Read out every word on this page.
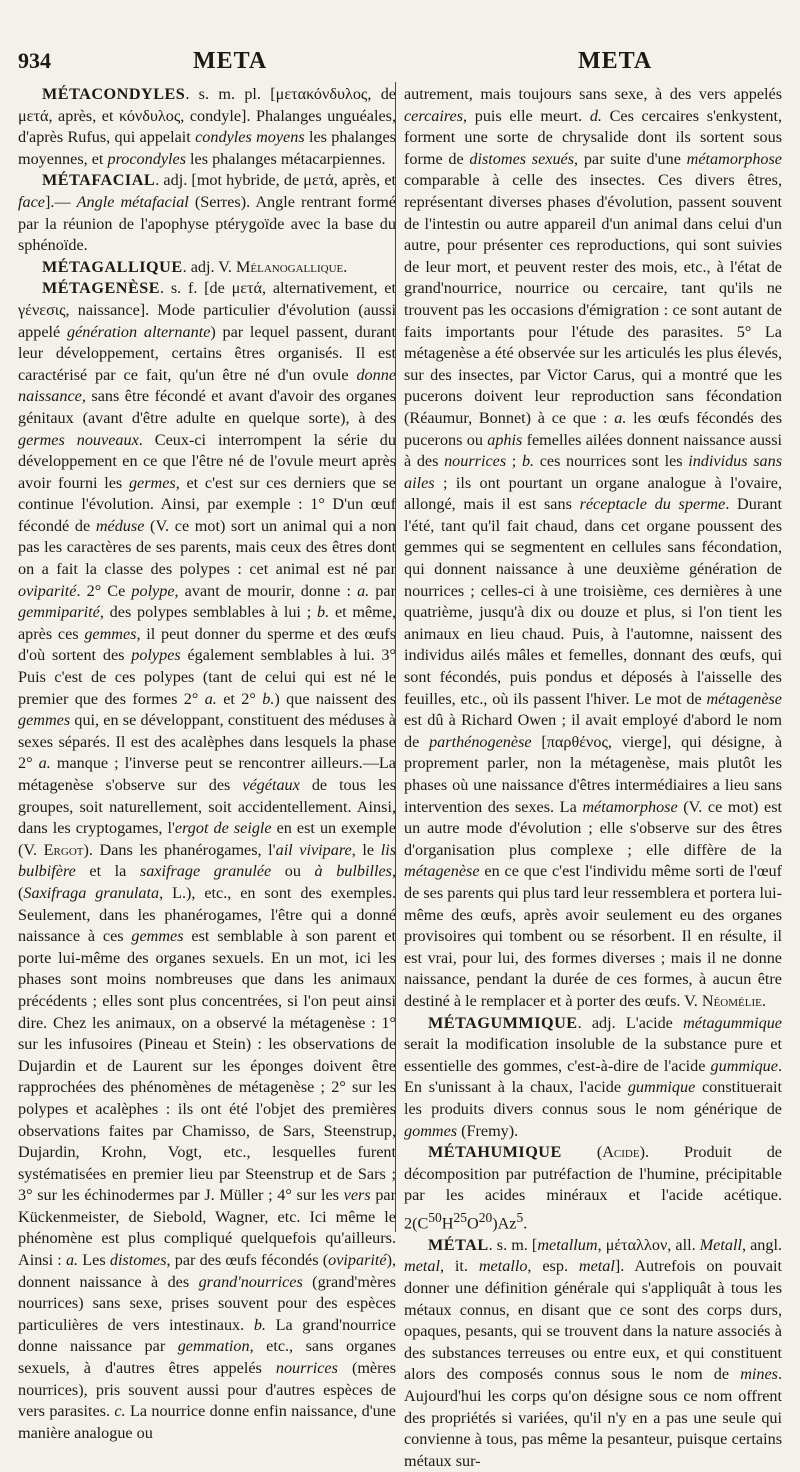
934	META	META

MÉTACONDYLES. s. m. pl. [μετακόνδυλος, de μετά, après, et κόνδυλος, condyle]. Phalanges unguéales, d'après Rufus, qui appelait condyles moyens les phalanges moyennes, et procondyles les phalanges métacarpiennes.

MÉTAFACIAL. adj. [mot hybride, de μετά, après, et face].— Angle métafacial (Serres). Angle rentrant formé par la réunion de l'apophyse ptérygoïde avec la base du sphénoïde.

MÉTAGALLIQUE. adj. V. Mélanogallique.

MÉTAGENÈSE. s. f. [de μετά, alternativement, et γένεσις, naissance]. Mode particulier d'évolution (aussi appelé génération alternante) par lequel passent, durant leur développement, certains êtres organisés. Il est caractérisé par ce fait, qu'un être né d'un ovule donne naissance, sans être fécondé et avant d'avoir des organes génitaux (avant d'être adulte en quelque sorte), à des germes nouveaux. Ceux-ci interrompent la série du développement en ce que l'être né de l'ovule meurt après avoir fourni les germes, et c'est sur ces derniers que se continue l'évolution. Ainsi, par exemple : 1° D'un œuf fécondé de méduse (V. ce mot) sort un animal qui a non pas les caractères de ses parents, mais ceux des êtres dont on a fait la classe des polypes : cet animal est né par oviparité. 2° Ce polype, avant de mourir, donne : a. par gemmiparité, des polypes semblables à lui ; b. et même, après ces gemmes, il peut donner du sperme et des œufs d'où sortent des polypes également semblables à lui. 3° Puis c'est de ces polypes (tant de celui qui est né le premier que des formes 2° a. et 2° b.) que naissent des gemmes qui, en se développant, constituent des méduses à sexes séparés. Il est des acalèphes dans lesquels la phase 2° a. manque ; l'inverse peut se rencontrer ailleurs.—La métagenèse s'observe sur des végétaux de tous les groupes, soit naturellement, soit accidentellement. Ainsi, dans les cryptogames, l'ergot de seigle en est un exemple (V. Ergot). Dans les phanérogames, l'ail vivipare, le lis bulbifère et la saxifrage granulée ou à bulbilles, (Saxifraga granulata, L.), etc., en sont des exemples. Seulement, dans les phanérogames, l'être qui a donné naissance à ces gemmes est semblable à son parent et porte lui-même des organes sexuels. En un mot, ici les phases sont moins nombreuses que dans les animaux précédents ; elles sont plus concentrées, si l'on peut ainsi dire. Chez les animaux, on a observé la métagenèse : 1° sur les infusoires (Pineau et Stein) : les observations de Dujardin et de Laurent sur les éponges doivent être rapprochées des phénomènes de métagenèse ; 2° sur les polypes et acalèphes : ils ont été l'objet des premières observations faites par Chamisso, de Sars, Steenstrup, Dujardin, Krohn, Vogt, etc., lesquelles furent systématisées en premier lieu par Steenstrup et de Sars ; 3° sur les échinodermes par J. Müller ; 4° sur les vers par Kückenmeister, de Siebold, Wagner, etc. Ici même le phénomène est plus compliqué quelquefois qu'ailleurs. Ainsi : a. Les distomes, par des œufs fécondés (oviparité), donnent naissance à des grand'nourrices (grand'mères nourrices) sans sexe, prises souvent pour des espèces particulières de vers intestinaux. b. La grand'nourrice donne naissance par gemmation, etc., sans organes sexuels, à d'autres êtres appelés nourrices (mères nourrices), pris souvent aussi pour d'autres espèces de vers parasites. c. La nourrice donne enfin naissance, d'une manière analogue ou

autrement, mais toujours sans sexe, à des vers appelés cercaires, puis elle meurt. d. Ces cercaires s'enkystent, forment une sorte de chrysalide dont ils sortent sous forme de distomes sexués, par suite d'une métamorphose comparable à celle des insectes. Ces divers êtres, représentant diverses phases d'évolution, passent souvent de l'intestin ou autre appareil d'un animal dans celui d'un autre, pour présenter ces reproductions, qui sont suivies de leur mort, et peuvent rester des mois, etc., à l'état de grand'nourrice, nourrice ou cercaire, tant qu'ils ne trouvent pas les occasions d'émigration : ce sont autant de faits importants pour l'étude des parasites. 5° La métagenèse a été observée sur les articulés les plus élevés, sur des insectes, par Victor Carus, qui a montré que les pucerons doivent leur reproduction sans fécondation (Réaumur, Bonnet) à ce que : a. les œufs fécondés des pucerons ou aphis femelles ailées donnent naissance aussi à des nourrices ; b. ces nourrices sont les individus sans ailes ; ils ont pourtant un organe analogue à l'ovaire, allongé, mais il est sans réceptacle du sperme. Durant l'été, tant qu'il fait chaud, dans cet organe poussent des gemmes qui se segmentent en cellules sans fécondation, qui donnent naissance à une deuxième génération de nourrices ; celles-ci à une troisième, ces dernières à une quatrième, jusqu'à dix ou douze et plus, si l'on tient les animaux en lieu chaud. Puis, à l'automne, naissent des individus ailés mâles et femelles, donnant des œufs, qui sont fécondés, puis pondus et déposés à l'aisselle des feuilles, etc., où ils passent l'hiver. Le mot de métagenèse est dû à Richard Owen ; il avait employé d'abord le nom de parthénogenèse [παρθένος, vierge], qui désigne, à proprement parler, non la métagenèse, mais plutôt les phases où une naissance d'êtres intermédiaires a lieu sans intervention des sexes. La métamorphose (V. ce mot) est un autre mode d'évolution ; elle s'observe sur des êtres d'organisation plus complexe ; elle diffère de la métagenèse en ce que c'est l'individu même sorti de l'œuf de ses parents qui plus tard leur ressemblera et portera lui-même des œufs, après avoir seulement eu des organes provisoires qui tombent ou se résorbent. Il en résulte, il est vrai, pour lui, des formes diverses ; mais il ne donne naissance, pendant la durée de ces formes, à aucun être destiné à le remplacer et à porter des œufs. V. Néomélie.

MÉTAGUMMIQUE. adj. L'acide métagummique serait la modification insoluble de la substance pure et essentielle des gommes, c'est-à-dire de l'acide gummique. En s'unissant à la chaux, l'acide gummique constituerait les produits divers connus sous le nom générique de gommes (Fremy).

MÉTAHUMIQUE (Acide). Produit de décomposition par putréfaction de l'humine, précipitable par les acides minéraux et l'acide acétique. $2(C^{50}H^{25}O^{20})Az^5$.

MÉTAL. s. m. [metallum, μέταλλον, all. Metall, angl. metal, it. metallo, esp. metal]. Autrefois on pouvait donner une définition générale qui s'appliquât à tous les métaux connus, en disant que ce sont des corps durs, opaques, pesants, qui se trouvent dans la nature associés à des substances terreuses ou entre eux, et qui constituent alors des composés connus sous le nom de mines. Aujourd'hui les corps qu'on désigne sous ce nom offrent des propriétés si variées, qu'il n'y en a pas une seule qui convienne à tous, pas même la pesanteur, puisque certains métaux sur-
